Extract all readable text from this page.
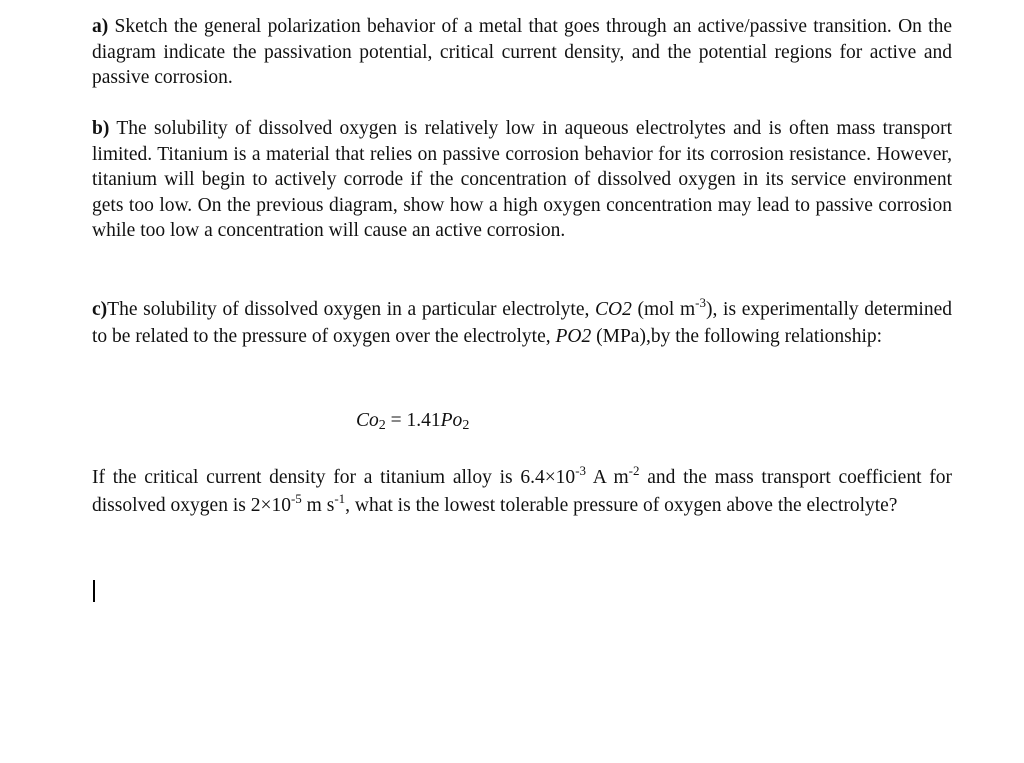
a) Sketch the general polarization behavior of a metal that goes through an active/passive transition. On the diagram indicate the passivation potential, critical current density, and the potential regions for active and passive corrosion.

b) The solubility of dissolved oxygen is relatively low in aqueous electrolytes and is often mass transport limited. Titanium is a material that relies on passive corrosion behavior for its corrosion resistance. However, titanium will begin to actively corrode if the concentration of dissolved oxygen in its service environment gets too low. On the previous diagram, show how a high oxygen concentration may lead to passive corrosion while too low a concentration will cause an active corrosion.

c)The solubility of dissolved oxygen in a particular electrolyte, CO2 (mol $m^{-3}$), is experimentally determined to be related to the pressure of oxygen over the electrolyte, PO2 (MPa),by the following relationship:

Co2 = 1.41Po2

If the critical current density for a titanium alloy is $6.4\times 10^{-3}$ A $m^{-2}$ and the mass transport coefficient for dissolved oxygen is $2\times 10^{-5}$ m $s^{-1}$, what is the lowest tolerable pressure of oxygen above the electrolyte?
